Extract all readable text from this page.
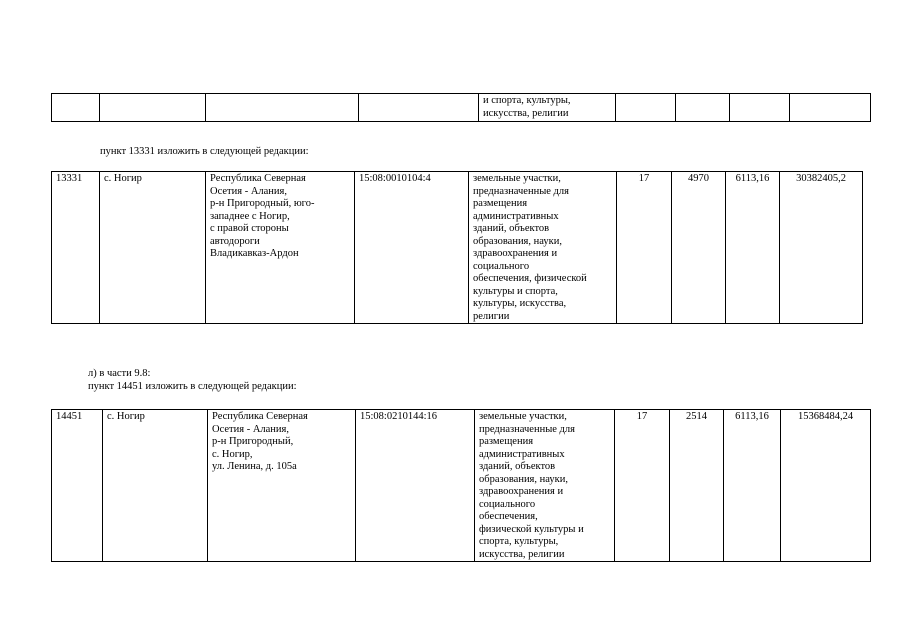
				и спорта, культуры,
искусства, религии				
пункт 13331 изложить в следующей редакции:
13331	с. Ногир	Республика Северная
Осетия - Алания,
р-н Пригородный, юго-
западнее с Ногир,
с правой стороны
автодороги
Владикавказ-Ардон	15:08:0010104:4	земельные участки,
предназначенные для
размещения
административных
зданий, объектов
образования, науки,
здравоохранения и
социального
обеспечения, физической
культуры и спорта,
культуры, искусства,
религии	17	4970	6113,16	30382405,2
л) в части 9.8:
пункт 14451 изложить в следующей редакции:
14451	с. Ногир	Республика Северная
Осетия - Алания,
р-н Пригородный,
с. Ногир,
ул. Ленина, д. 105а	15:08:0210144:16	земельные участки,
предназначенные для
размещения
административных
зданий, объектов
образования, науки,
здравоохранения и
социального
обеспечения,
физической культуры и
спорта, культуры,
искусства, религии	17	2514	6113,16	15368484,24
